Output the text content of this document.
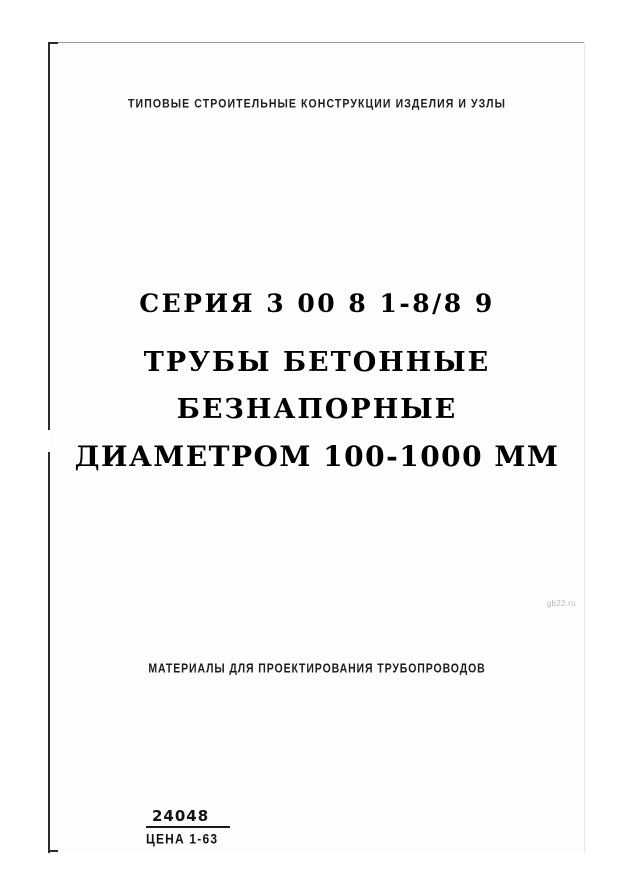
ТИПОВЫЕ СТРОИТЕЛЬНЫЕ КОНСТРУКЦИИ ИЗДЕЛИЯ И УЗЛЫ
СЕРИЯ 3 00 8 1-8/8 9
ТРУБЫ БЕТОННЫЕ
БЕЗНАПОРНЫЕ
ДИАМЕТРОМ 100-1000 ММ
МАТЕРИАЛЫ ДЛЯ ПРОЕКТИРОВАНИЯ ТРУБОПРОВОДОВ
gb22.ru
24048
ЦЕНА 1-63
